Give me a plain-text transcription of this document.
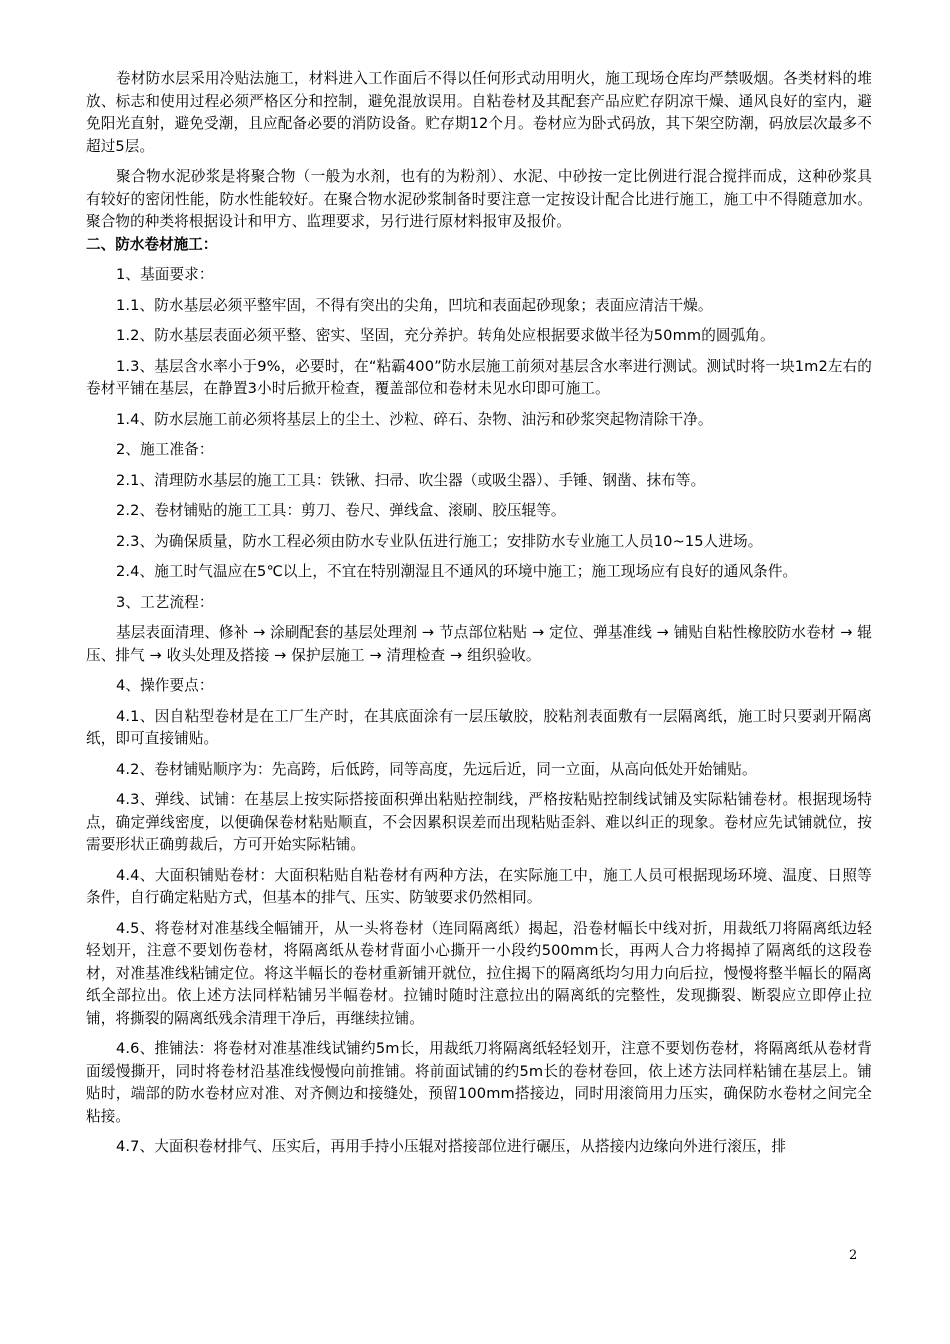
卷材防水层采用冷贴法施工，材料进入工作面后不得以任何形式动用明火，施工现场仓库均严禁吸烟。各类材料的堆放、标志和使用过程必须严格区分和控制，避免混放误用。自粘卷材及其配套产品应贮存阴凉干燥、通风良好的室内，避免阳光直射，避免受潮，且应配备必要的消防设备。贮存期12个月。卷材应为卧式码放，其下架空防潮，码放层次最多不超过5层。

聚合物水泥砂浆是将聚合物（一般为水剂，也有的为粉剂）、水泥、中砂按一定比例进行混合搅拌而成，这种砂浆具有较好的密闭性能，防水性能较好。在聚合物水泥砂浆制备时要注意一定按设计配合比进行施工，施工中不得随意加水。聚合物的种类将根据设计和甲方、监理要求，另行进行原材料报审及报价。

二、防水卷材施工：

1、基面要求：

1.1、防水基层必须平整牢固，不得有突出的尖角，凹坑和表面起砂现象；表面应清洁干燥。

1.2、防水基层表面必须平整、密实、坚固，充分养护。转角处应根据要求做半径为50mm的圆弧角。

1.3、基层含水率小于9%，必要时，在“粘霸400”防水层施工前须对基层含水率进行测试。测试时将一块1m2左右的卷材平铺在基层，在静置3小时后掀开检查，覆盖部位和卷材未见水印即可施工。

1.4、防水层施工前必须将基层上的尘土、沙粒、碎石、杂物、油污和砂浆突起物清除干净。

2、施工准备：

2.1、清理防水基层的施工工具：铁锹、扫帚、吹尘器（或吸尘器）、手锤、钢凿、抹布等。

2.2、卷材铺贴的施工工具：剪刀、卷尺、弹线盒、滚刷、胶压辊等。

2.3、为确保质量，防水工程必须由防水专业队伍进行施工；安排防水专业施工人员10~15人进场。

2.4、施工时气温应在5℃以上，不宜在特别潮湿且不通风的环境中施工；施工现场应有良好的通风条件。

3、工艺流程：

基层表面清理、修补 → 涂刷配套的基层处理剂 → 节点部位粘贴 → 定位、弹基准线 → 铺贴自粘性橡胶防水卷材 → 辊压、排气 → 收头处理及搭接 → 保护层施工 → 清理检查 → 组织验收。

4、操作要点：

4.1、因自粘型卷材是在工厂生产时，在其底面涂有一层压敏胶，胶粘剂表面敷有一层隔离纸，施工时只要剥开隔离纸，即可直接铺贴。

4.2、卷材铺贴顺序为：先高跨，后低跨，同等高度，先远后近，同一立面，从高向低处开始铺贴。

4.3、弹线、试铺：在基层上按实际搭接面积弹出粘贴控制线，严格按粘贴控制线试铺及实际粘铺卷材。根据现场特点，确定弹线密度，以便确保卷材粘贴顺直，不会因累积误差而出现粘贴歪斜、难以纠正的现象。卷材应先试铺就位，按需要形状正确剪裁后，方可开始实际粘铺。

4.4、大面积铺贴卷材：大面积粘贴自粘卷材有两种方法，在实际施工中，施工人员可根据现场环境、温度、日照等条件，自行确定粘贴方式，但基本的排气、压实、防皱要求仍然相同。

4.5、将卷材对准基线全幅铺开，从一头将卷材（连同隔离纸）揭起，沿卷材幅长中线对折，用裁纸刀将隔离纸边轻轻划开，注意不要划伤卷材，将隔离纸从卷材背面小心撕开一小段约500mm长，再两人合力将揭掉了隔离纸的这段卷材，对准基准线粘铺定位。将这半幅长的卷材重新铺开就位，拉住揭下的隔离纸均匀用力向后拉，慢慢将整半幅长的隔离纸全部拉出。依上述方法同样粘铺另半幅卷材。拉铺时随时注意拉出的隔离纸的完整性，发现撕裂、断裂应立即停止拉铺，将撕裂的隔离纸残余清理干净后，再继续拉铺。

4.6、推铺法：将卷材对准基准线试铺约5m长，用裁纸刀将隔离纸轻轻划开，注意不要划伤卷材，将隔离纸从卷材背面缓慢撕开，同时将卷材沿基准线慢慢向前推铺。将前面试铺的约5m长的卷材卷回，依上述方法同样粘铺在基层上。铺贴时，端部的防水卷材应对准、对齐侧边和接缝处，预留100mm搭接边，同时用滚筒用力压实，确保防水卷材之间完全粘接。

4.7、大面积卷材排气、压实后，再用手持小压辊对搭接部位进行碾压，从搭接内边缘向外进行滚压，排

2
